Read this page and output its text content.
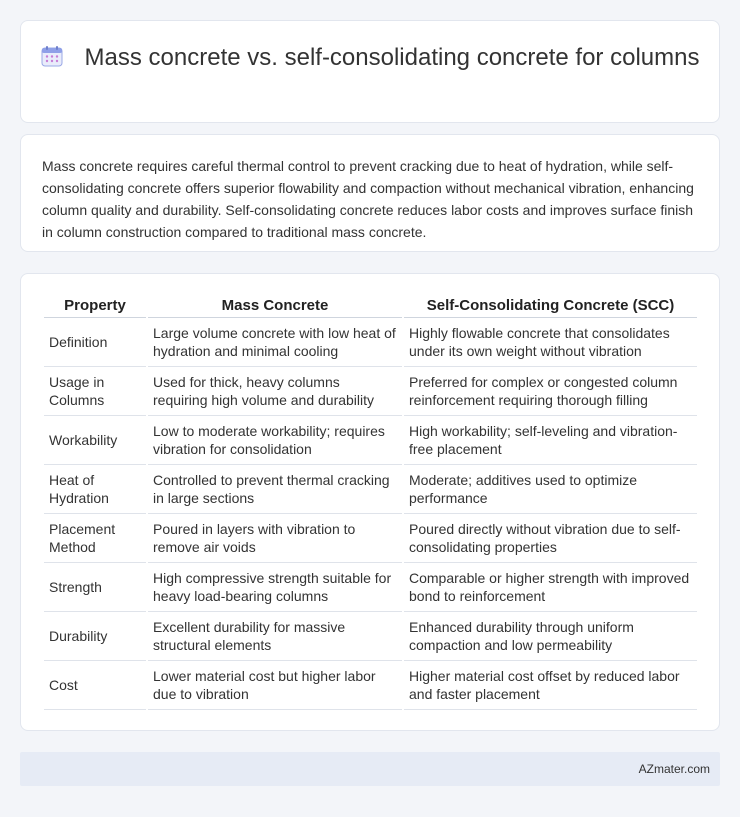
Mass concrete vs. self-consolidating concrete for columns

Mass concrete requires careful thermal control to prevent cracking due to heat of hydration, while self-consolidating concrete offers superior flowability and compaction without mechanical vibration, enhancing column quality and durability. Self-consolidating concrete reduces labor costs and improves surface finish in column construction compared to traditional mass concrete.

Property	Mass Concrete	Self-Consolidating Concrete (SCC)
Definition	Large volume concrete with low heat of hydration and minimal cooling	Highly flowable concrete that consolidates under its own weight without vibration
Usage in Columns	Used for thick, heavy columns requiring high volume and durability	Preferred for complex or congested column reinforcement requiring thorough filling
Workability	Low to moderate workability; requires vibration for consolidation	High workability; self-leveling and vibration-free placement
Heat of Hydration	Controlled to prevent thermal cracking in large sections	Moderate; additives used to optimize performance
Placement Method	Poured in layers with vibration to remove air voids	Poured directly without vibration due to self-consolidating properties
Strength	High compressive strength suitable for heavy load-bearing columns	Comparable or higher strength with improved bond to reinforcement
Durability	Excellent durability for massive structural elements	Enhanced durability through uniform compaction and low permeability
Cost	Lower material cost but higher labor due to vibration	Higher material cost offset by reduced labor and faster placement
AZmater.com
